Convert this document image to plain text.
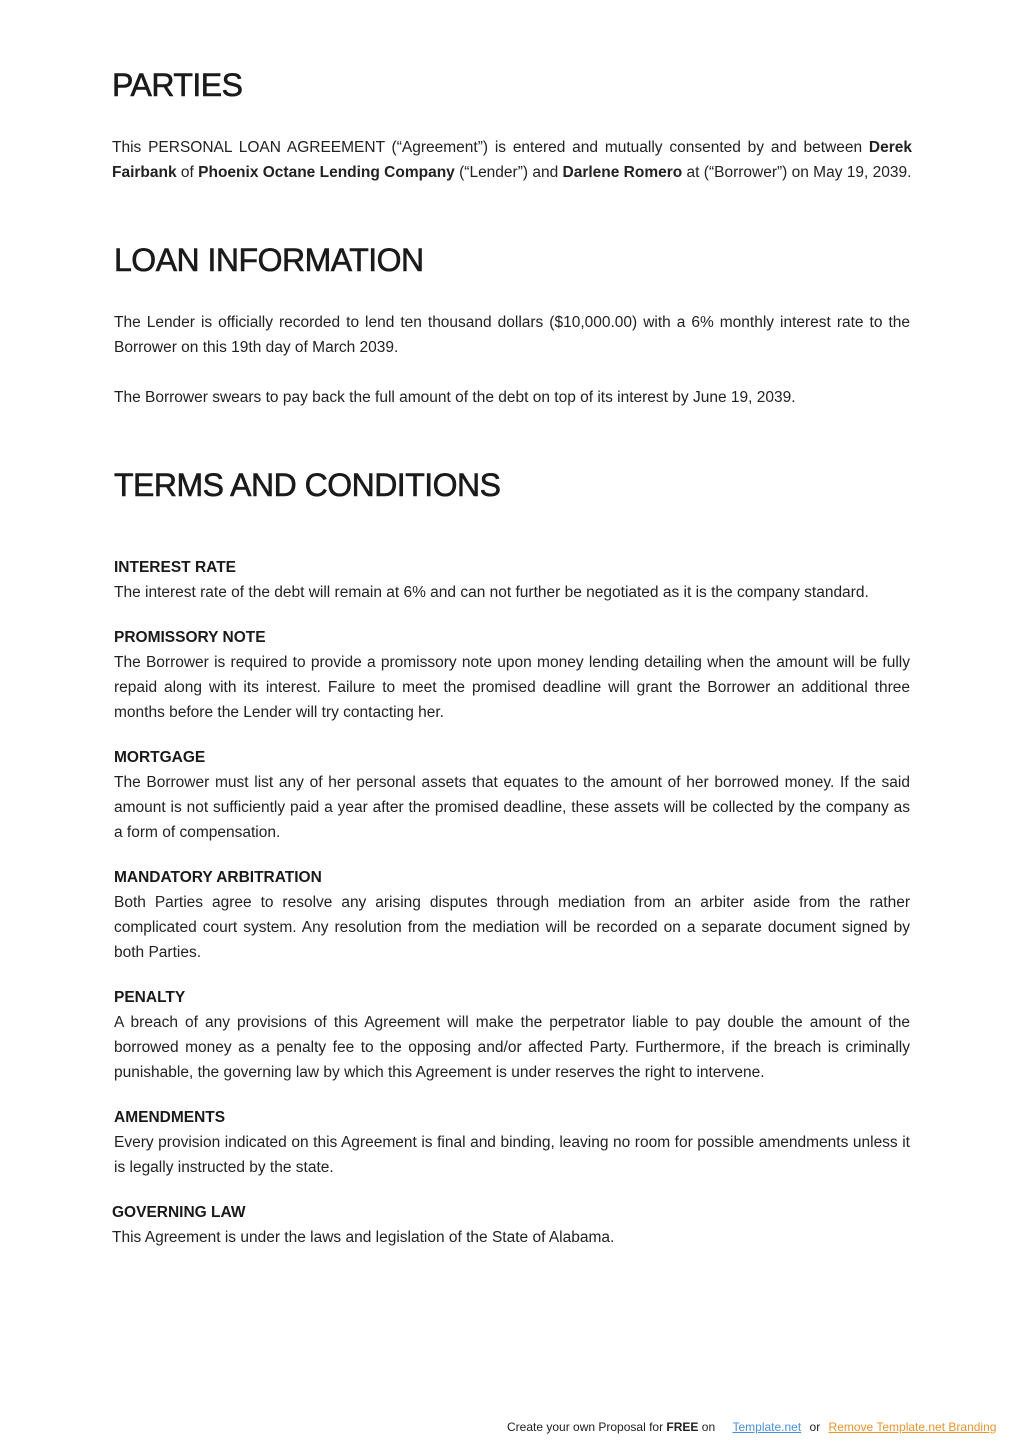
PARTIES

This PERSONAL LOAN AGREEMENT (“Agreement”) is entered and mutually consented by and between Derek Fairbank of Phoenix Octane Lending Company (“Lender”) and Darlene Romero at (“Borrower”) on May 19, 2039.

LOAN INFORMATION

The Lender is officially recorded to lend ten thousand dollars ($10,000.00) with a 6% monthly interest rate to the Borrower on this 19th day of March 2039.

The Borrower swears to pay back the full amount of the debt on top of its interest by June 19, 2039.

TERMS AND CONDITIONS
INTEREST RATE

The interest rate of the debt will remain at 6% and can not further be negotiated as it is the company standard.

PROMISSORY NOTE

The Borrower is required to provide a promissory note upon money lending detailing when the amount will be fully repaid along with its interest. Failure to meet the promised deadline will grant the Borrower an additional three months before the Lender will try contacting her.

MORTGAGE

The Borrower must list any of her personal assets that equates to the amount of her borrowed money. If the said amount is not sufficiently paid a year after the promised deadline, these assets will be collected by the company as a form of compensation.

MANDATORY ARBITRATION

Both Parties agree to resolve any arising disputes through mediation from an arbiter aside from the rather complicated court system. Any resolution from the mediation will be recorded on a separate document signed by both Parties.

PENALTY

A breach of any provisions of this Agreement will make the perpetrator liable to pay double the amount of the borrowed money as a penalty fee to the opposing and/or affected Party. Furthermore, if the breach is criminally punishable, the governing law by which this Agreement is under reserves the right to intervene.

AMENDMENTS

Every provision indicated on this Agreement is final and binding, leaving no room for possible amendments unless it is legally instructed by the state.

GOVERNING LAW

This Agreement is under the laws and legislation of the State of Alabama.

Create your own Proposal for FREE on Template.net or Remove Template.net Branding
